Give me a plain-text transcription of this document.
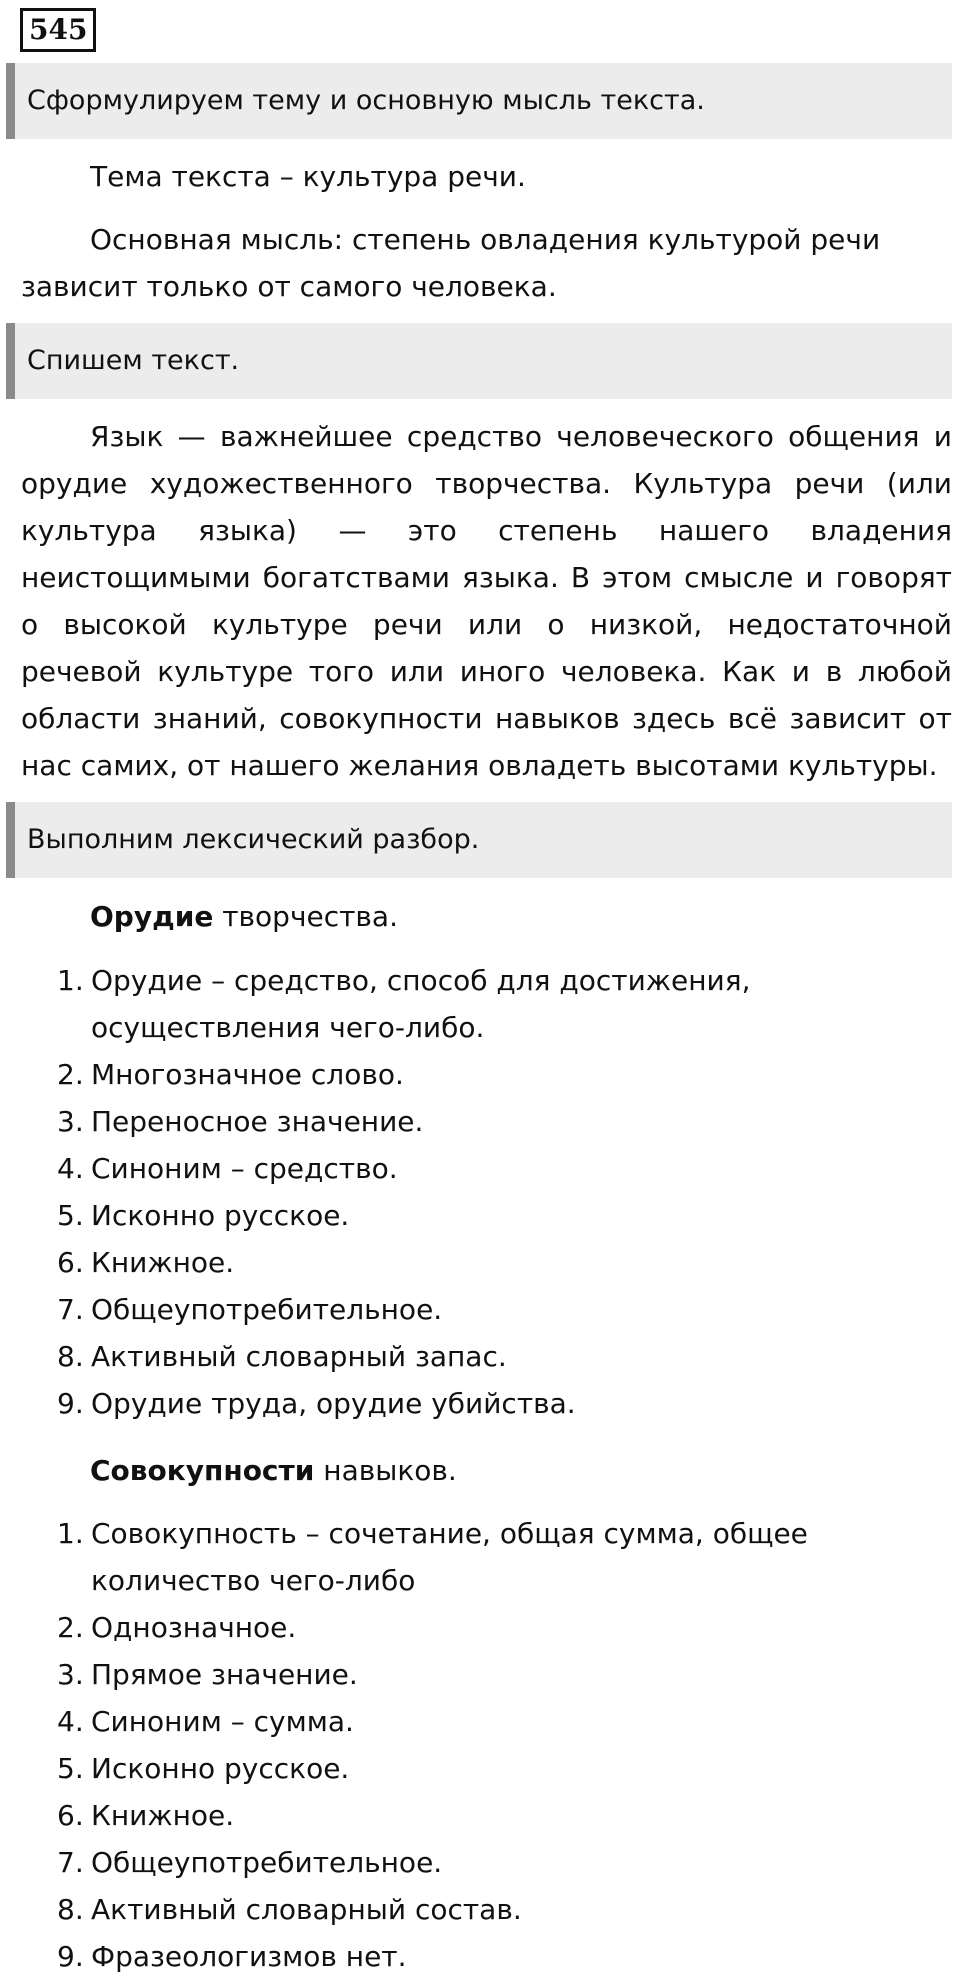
545
Сформулируем тему и основную мысль текста.

Тема текста – культура речи.

Основная мысль: степень овладения культурой речи зависит только от самого человека.

Спишем текст.

Язык — важнейшее средство человеческого общения и орудие художественного творчества. Культура речи (или культура языка) — это степень нашего владения неистощимыми богатствами языка. В этом смысле и говорят о высокой культуре речи или о низкой, недостаточной речевой культуре того или иного человека. Как и в любой области знаний, совокупности навыков здесь всё зависит от нас самих, от нашего желания овладеть высотами культуры.

Выполним лексический разбор.
Орудие творчества.
1. Орудие – средство, способ для достижения, осуществления чего-либо.
2. Многозначное слово.
3. Переносное значение.
4. Синоним – средство.
5. Исконно русское.
6. Книжное.
7. Общеупотребительное.
8. Активный словарный запас.
9. Орудие труда, орудие убийства.
Совокупности навыков.
1. Совокупность – сочетание, общая сумма, общее количество чего-либо
2. Однозначное.
3. Прямое значение.
4. Синоним – сумма.
5. Исконно русское.
6. Книжное.
7. Общеупотребительное.
8. Активный словарный состав.
9. Фразеологизмов нет.
